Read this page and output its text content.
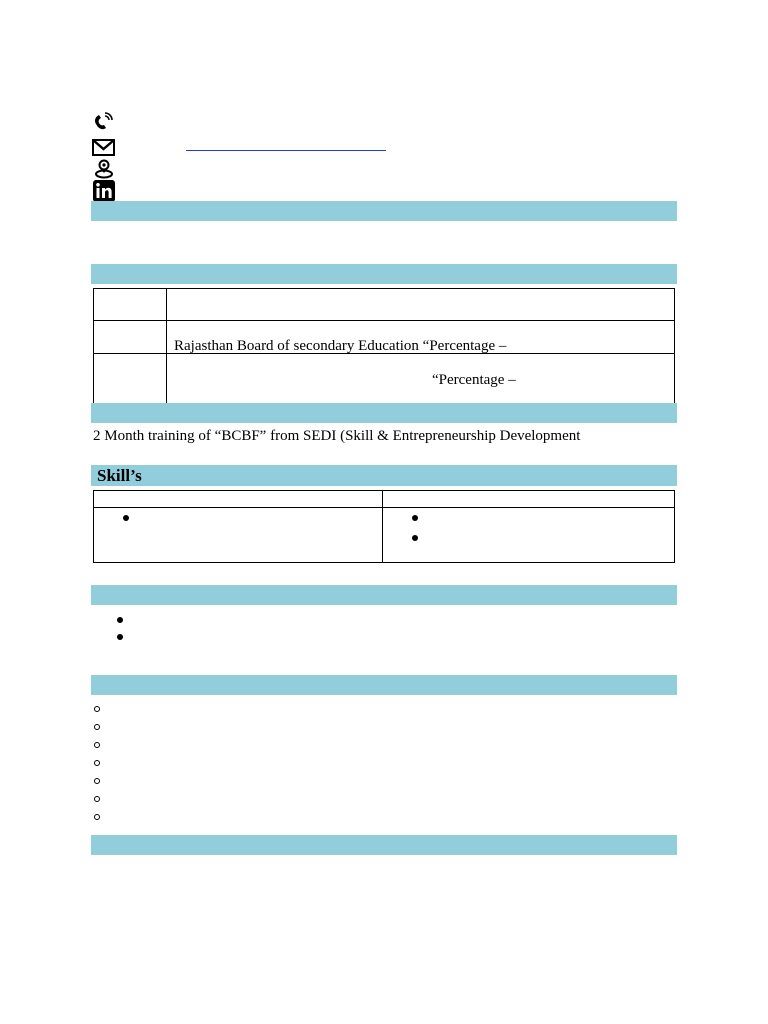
Rajasthan Board of secondary Education “Percentage –
“Percentage –
2 Month training of “BCBF” from SEDI (Skill & Entrepreneurship Development
Skill’s
